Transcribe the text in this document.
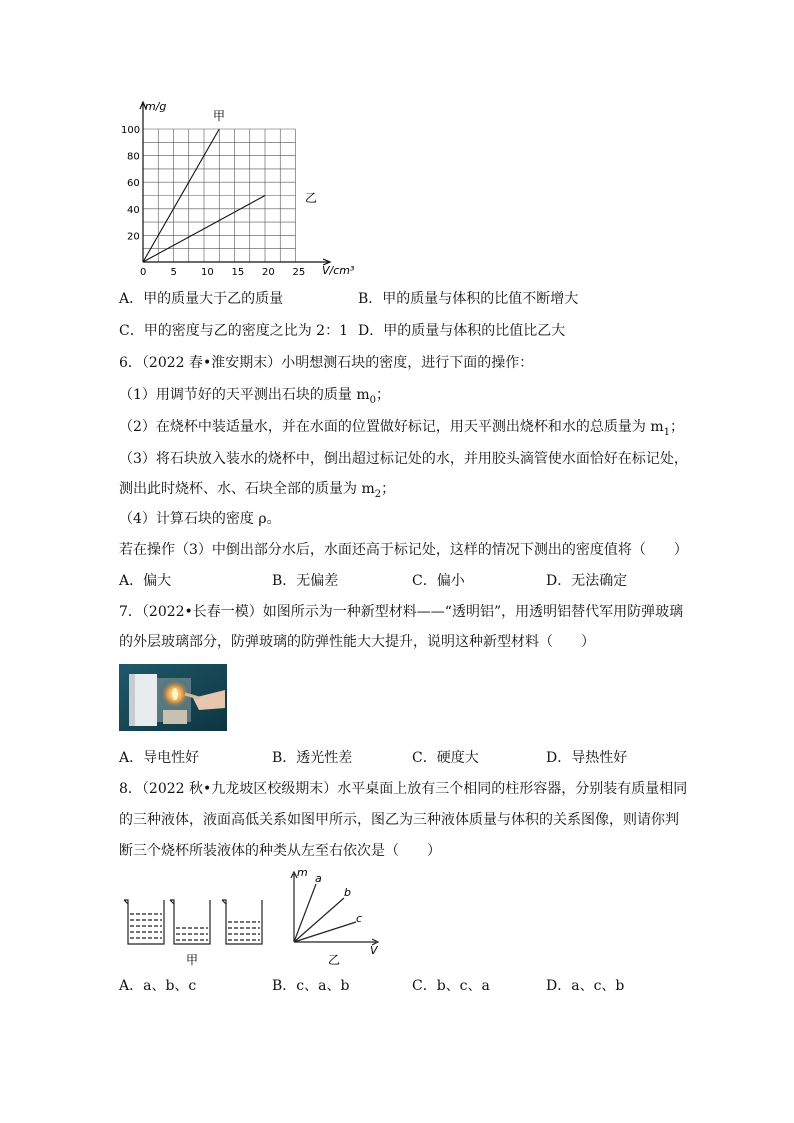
0 5 10 15 20 25
20
40
60
80
100
m/g
V/cm³
甲
乙
A．甲的质量大于乙的质量	B．甲的质量与体积的比值不断增大
C．甲的密度与乙的密度之比为 2：1 D．甲的质量与体积的比值比乙大
6．（2022 春•淮安期末）小明想测石块的密度，进行下面的操作：
（1）用调节好的天平测出石块的质量 $m_0$；
（2）在烧杯中装适量水，并在水面的位置做好标记，用天平测出烧杯和水的总质量为 $m_1$；
（3）将石块放入装水的烧杯中，倒出超过标记处的水，并用胶头滴管使水面恰好在标记处，
测出此时烧杯、水、石块全部的质量为 $m_2$；
（4）计算石块的密度 ρ。
若在操作（3）中倒出部分水后，水面还高于标记处，这样的情况下测出的密度值将（　　）
A．偏大	B．无偏差	C．偏小	D．无法确定
7．（2022•长春一模）如图所示为一种新型材料——“透明铝”，用透明铝替代军用防弹玻璃
的外层玻璃部分，防弹玻璃的防弹性能大大提升，说明这种新型材料（　　）
A．导电性好	B．透光性差	C．硬度大	D．导热性好
8．（2022 秋•九龙坡区校级期末）水平桌面上放有三个相同的柱形容器，分别装有质量相同
的三种液体，液面高低关系如图甲所示，图乙为三种液体质量与体积的关系图像，则请你判
断三个烧杯所装液体的种类从左至右依次是（　　）
甲
m
V
a
b
c
乙
A．a、b、c	B．c、a、b	C．b、c、a	D．a、c、b
